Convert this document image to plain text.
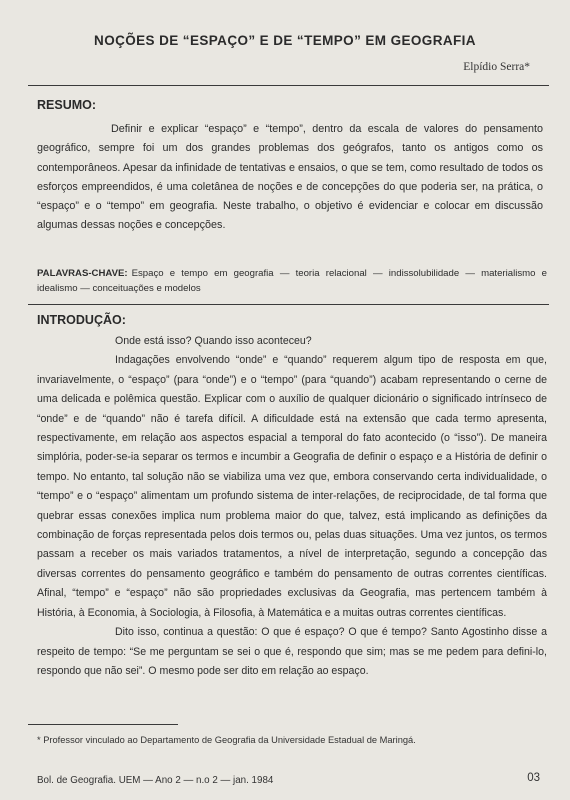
NOÇÕES DE “ESPAÇO” E DE “TEMPO” EM GEOGRAFIA
Elpídio Serra*
RESUMO:
Definir e explicar “espaço” e “tempo”, dentro da escala de valores do pensamento geográfico, sempre foi um dos grandes problemas dos geógrafos, tanto os antigos como os contemporâneos. Apesar da infinidade de tentativas e ensaios, o que se tem, como resultado de todos os esforços empreendidos, é uma coletânea de noções e de concepções do que poderia ser, na prática, o “espaço” e o “tempo” em geografia. Neste trabalho, o objetivo é evidenciar e colocar em discussão algumas dessas noções e concepções.
PALAVRAS-CHAVE: Espaço e tempo em geografia — teoria relacional — indissolubilidade — materialismo e idealismo — conceituações e modelos
INTRODUÇÃO:
Onde está isso? Quando isso aconteceu?
Indagações envolvendo “onde” e “quando” requerem algum tipo de resposta em que, invariavelmente, o “espaço” (para “onde”) e o “tempo” (para “quando”) acabam representando o cerne de uma delicada e polêmica questão. Explicar com o auxílio de qualquer dicionário o significado intrínseco de “onde” e de “quando” não é tarefa difícil. A dificuldade está na extensão que cada termo apresenta, respectivamente, em relação aos aspectos espacial a temporal do fato acontecido (o “isso”). De maneira simplória, poder-se-ia separar os termos e incumbir a Geografia de definir o espaço e a História de definir o tempo. No entanto, tal solução não se viabiliza uma vez que, embora conservando certa individualidade, o “tempo” e o “espaço” alimentam um profundo sistema de inter-relações, de reciprocidade, de tal forma que quebrar essas conexões implica num problema maior do que, talvez, está implicando as definições da combinação de forças representada pelos dois termos ou, pelas duas situações. Uma vez juntos, os termos passam a receber os mais variados tratamentos, a nível de interpretação, segundo a concepção das diversas correntes do pensamento geográfico e também do pensamento de outras correntes científicas. Afinal, “tempo” e “espaço” não são propriedades exclusivas da Geografia, mas pertencem também à História, à Economia, à Sociologia, à Filosofia, à Matemática e a muitas outras correntes científicas.
Dito isso, continua a questão: O que é espaço? O que é tempo? Santo Agostinho disse a respeito de tempo: “Se me perguntam se sei o que é, respondo que sim; mas se me pedem para defini-lo, respondo que não sei”. O mesmo pode ser dito em relação ao espaço.
* Professor vinculado ao Departamento de Geografia da Universidade Estadual de Maringá.
Bol. de Geografia. UEM — Ano 2 — n.o 2 — jan. 1984	03
